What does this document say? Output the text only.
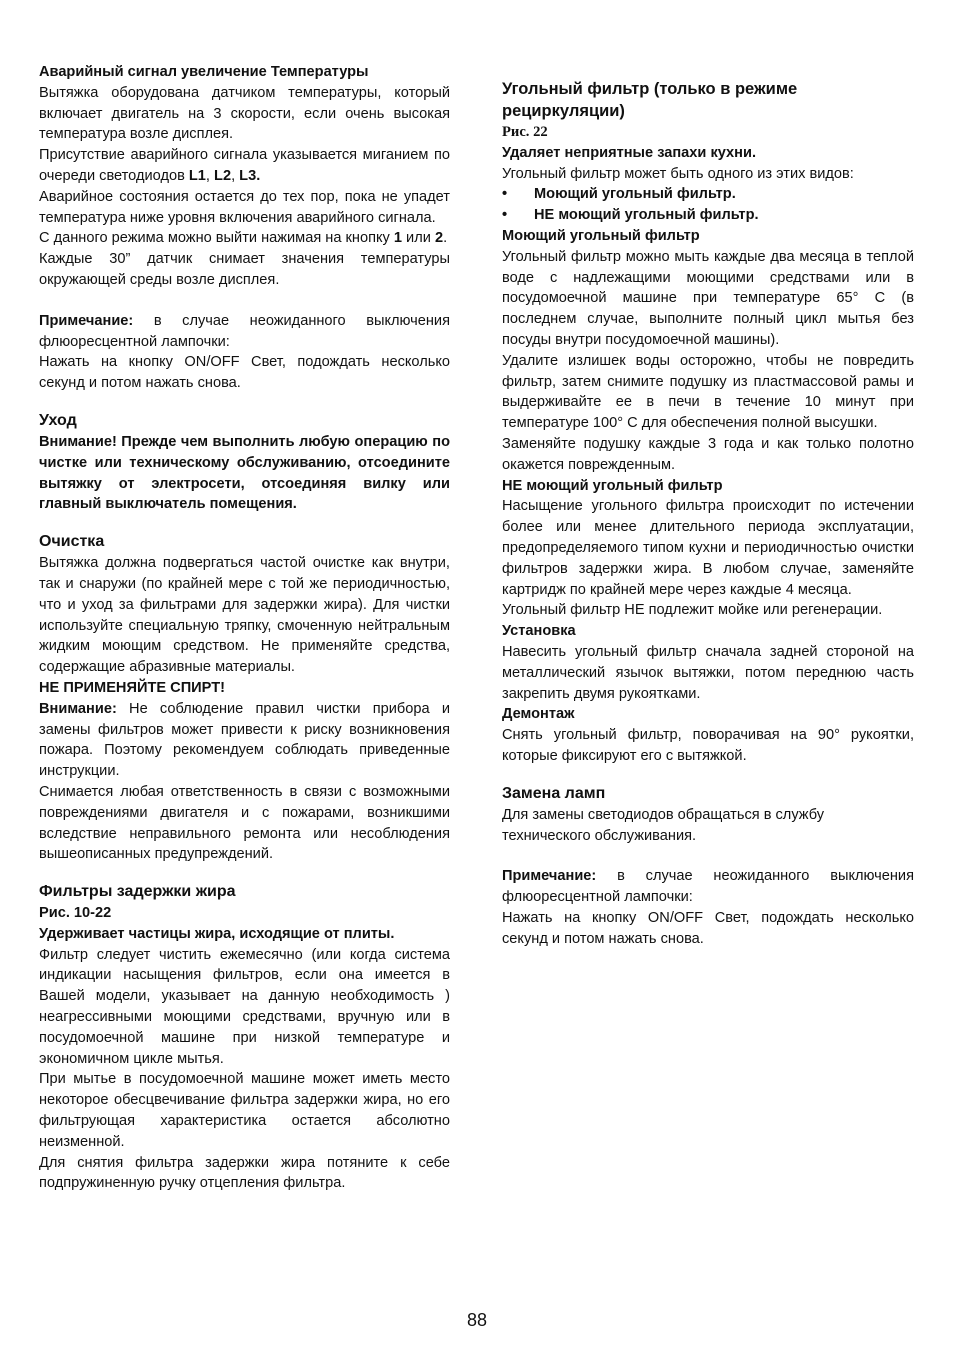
Аварийный сигнал увеличение Температуры

Вытяжка оборудована датчиком температуры, который включает двигатель на 3 скорости, если очень высокая температура возле дисплея.

Присутствие аварийного сигнала указывается миганием по очереди светодиодов L1, L2, L3.

Аварийное состояния остается до тех пор, пока не упадет температура ниже уровня включения аварийного сигнала.

С данного режима можно выйти нажимая на кнопку 1 или 2.

Каждые 30” датчик снимает значения температуры окружающей среды возле дисплея.

Примечание: в случае неожиданного выключения флюоресцентной лампочки:

Нажать на кнопку ON/OFF Свет, подождать несколько секунд и потом нажать снова.

Уход

Внимание! Прежде чем выполнить любую операцию по чистке или техническому обслуживанию, отсоедините вытяжку от электросети, отсоединяя вилку или главный выключатель помещения.

Очистка

Вытяжка должна подвергаться частой очистке как внутри, так и снаружи (по крайней мере с той же периодичностью, что и уход за фильтрами для задержки жира). Для чистки используйте специальную тряпку, смоченную нейтральным жидким моющим средством. Не применяйте средства, содержащие абразивные материалы.

НЕ ПРИМЕНЯЙТЕ СПИРТ!

Внимание: Не соблюдение правил чистки прибора и замены фильтров может привести к риску возникновения пожара. Поэтому рекомендуем соблюдать приведенные инструкции.

Снимается любая ответственность в связи с возможными повреждениями двигателя и с пожарами, возникшими вследствие неправильного ремонта или несоблюдения вышеописанных предупреждений.

Фильтры задержки жира

Рис. 10-22

Удерживает частицы жира, исходящие от плиты.

Фильтр следует чистить ежемесячно (или когда система индикации насыщения фильтров, если она имеется в Вашей модели, указывает на данную необходимость ) неагрессивными моющими средствами, вручную или в посудомоечной машине при низкой температуре и экономичном цикле мытья.

При мытье в посудомоечной машине может иметь место некоторое обесцвечивание фильтра задержки жира, но его фильтрующая характеристика остается абсолютно неизменной.

Для снятия фильтра задержки жира потяните к себе подпружиненную ручку отцепления фильтра.

Угольный фильтр (только в режиме рециркуляции)

Рис. 22

Удаляет неприятные запахи кухни.

Угольный фильтр может быть одного из этих видов:

•	Моющий угольный фильтр.
•	НЕ моющий угольный фильтр.

Моющий угольный фильтр

Угольный фильтр можно мыть каждые два месяца в теплой воде с надлежащими моющими средствами или в посудомоечной машине при температуре 65° С (в последнем случае, выполните полный цикл мытья без посуды внутри посудомоечной машины).

Удалите излишек воды осторожно, чтобы не повредить фильтр, затем снимите подушку из пластмассовой рамы и выдерживайте ее в печи в течение 10 минут при температуре 100° С для обеспечения полной высушки.

Заменяйте подушку каждые 3 года и как только полотно окажется поврежденным.

НЕ моющий угольный фильтр

Насыщение угольного фильтра происходит по истечении более или менее длительного периода эксплуатации, предопределяемого типом кухни и периодичностью очистки фильтров задержки жира. В любом случае, заменяйте картридж по крайней мере через каждые 4 месяца.

Угольный фильтр НЕ подлежит мойке или регенерации.

Установка

Навесить угольный фильтр сначала задней стороной на металлический язычок вытяжки, потом переднюю часть закрепить двумя рукоятками.

Демонтаж

Снять угольный фильтр, поворачивая на 90° рукоятки, которые фиксируют его с вытяжкой.

Замена ламп

Для замены светодиодов обращаться в службу технического обслуживания.

Примечание: в случае неожиданного выключения флюоресцентной лампочки:

Нажать на кнопку ON/OFF Свет, подождать несколько секунд и потом нажать снова.

88
